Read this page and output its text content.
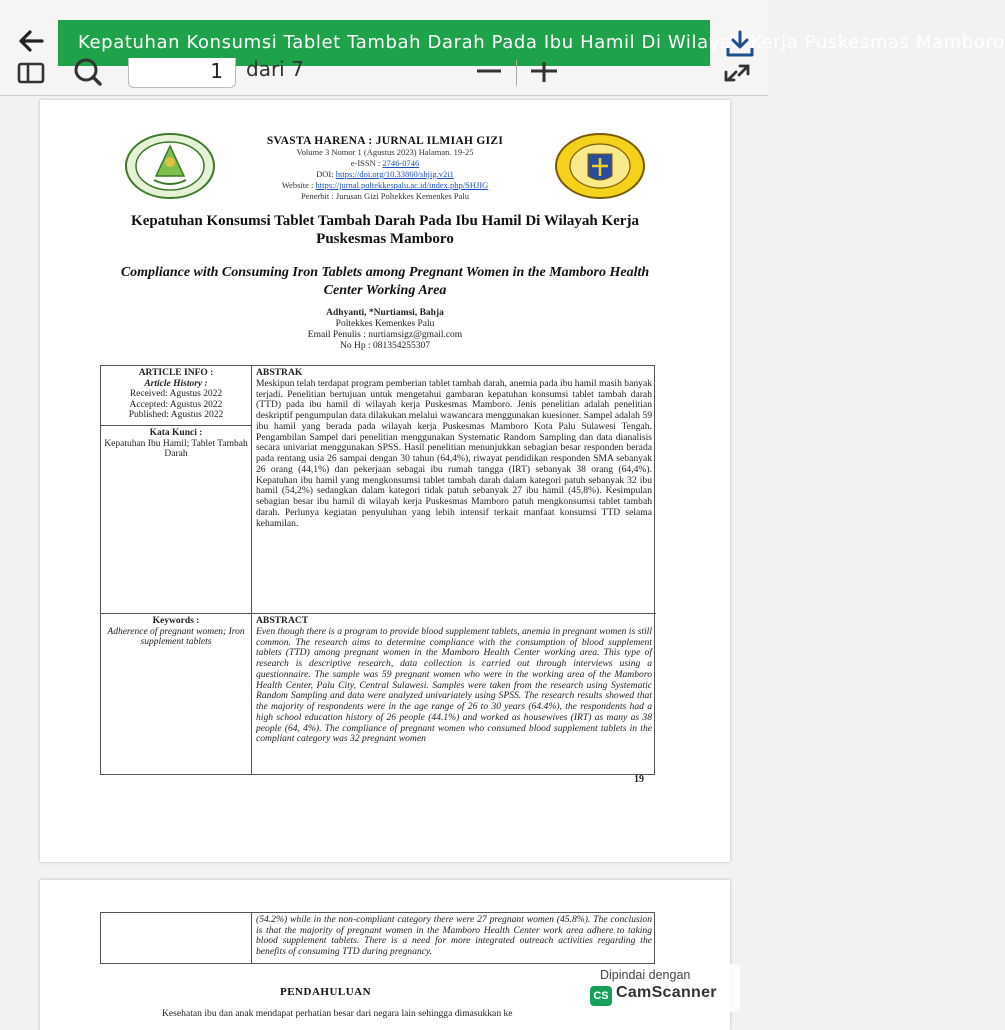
Kepatuhan Konsumsi Tablet Tambah Darah Pada Ibu Hamil Di Wilayah Kerja Puskesmas Mamboro
1	dari 7
SVASTA HARENA : JURNAL ILMIAH GIZI
Volume 3 Nomor 1 (Agustus 2023) Halaman. 19-25
e-ISSN : 2746-0746
DOI: https://doi.org/10.33860/shjig.v2i1
Website : https://jurnal.poltekkespalu.ac.id/index.php/SHJIG
Penerbit : Jurusan Gizi Poltekkes Kemenkes Palu
Kepatuhan Konsumsi Tablet Tambah Darah Pada Ibu Hamil Di Wilayah Kerja Puskesmas Mamboro
Compliance with Consuming Iron Tablets among Pregnant Women in the Mamboro Health Center Working Area
Adhyanti, *Nurtiamsi, Bahja
Poltekkes Kemenkes Palu
Email Penulis : nurtiamsigz@gmail.com
No Hp : 081354255307
ARTICLE INFO :
Article History :
Received: Agustus 2022
Accepted: Agustus 2022
Published: Agustus 2022
Kata Kunci :
Kepatuhan Ibu Hamil; Tablet Tambah Darah
Keywords :
Adherence of pregnant women; Iron supplement tablets
ABSTRAK
Meskipun telah terdapat program pemberian tablet tambah darah, anemia pada ibu hamil masih banyak terjadi. Penelitian bertujuan untuk mengetahui gambaran kepatuhan konsumsi tablet tambah darah (TTD) pada ibu hamil di wilayah kerja Puskesmas Mamboro. Jenis penelitian adalah penelitian deskriptif pengumpulan data dilakukan melalui wawancara menggunakan kuesioner. Sampel adalah 59 ibu hamil yang berada pada wilayah kerja Puskesmas Mamboro Kota Palu Sulawesi Tengah. Pengambilan Sampel dari penelitian menggunakan Systematic Random Sampling dan data dianalisis secara univariat menggunakan SPSS. Hasil penelitian menunjukkan sebagian besar responden berada pada rentang usia 26 sampai dengan 30 tahun (64,4%), riwayat pendidikan responden SMA sebanyak 26 orang (44,1%) dan pekerjaan sebagai ibu rumah tangga (IRT) sebanyak 38 orang (64,4%). Kepatuhan ibu hamil yang mengkonsumsi tablet tambah darah dalam kategori patuh sebanyak 32 ibu hamil (54,2%) sedangkan dalam kategori tidak patuh sebanyak 27 ibu hamil (45,8%). Kesimpulan sebagian besar ibu hamil di wilayah kerja Puskesmas Mamboro patuh mengkonsumsi tablet tambah darah. Perlunya kegiatan penyuluhan yang lebih intensif terkait manfaat konsumsi TTD selama kehamilan.
ABSTRACT
Even though there is a program to provide blood supplement tablets, anemia in pregnant women is still common. The research aims to determine compliance with the consumption of blood supplement tablets (TTD) among pregnant women in the Mamboro Health Center working area. This type of research is descriptive research, data collection is carried out through interviews using a questionnaire. The sample was 59 pregnant women who were in the working area of the Mamboro Health Center, Palu City, Central Sulawesi. Samples were taken from the research using Systematic Random Sampling and data were analyzed univariately using SPSS. The research results showed that the majority of respondents were in the age range of 26 to 30 years (64.4%), the respondents had a high school education history of 26 people (44.1%) and worked as housewives (IRT) as many as 38 people (64, 4%). The compliance of pregnant women who consumed blood supplement tablets in the compliant category was 32 pregnant women
19
(54.2%) while in the non-compliant category there were 27 pregnant women (45.8%). The conclusion is that the majority of pregnant women in the Mamboro Health Center work area adhere to taking blood supplement tablets. There is a need for more integrated outreach activities regarding the benefits of consuming TTD during pregnancy.
PENDAHULUAN
Kesehatan ibu dan anak mendapat perhatian besar dari negara lain sehingga dimasukkan ke
Dipindai dengan
CS CamScanner
